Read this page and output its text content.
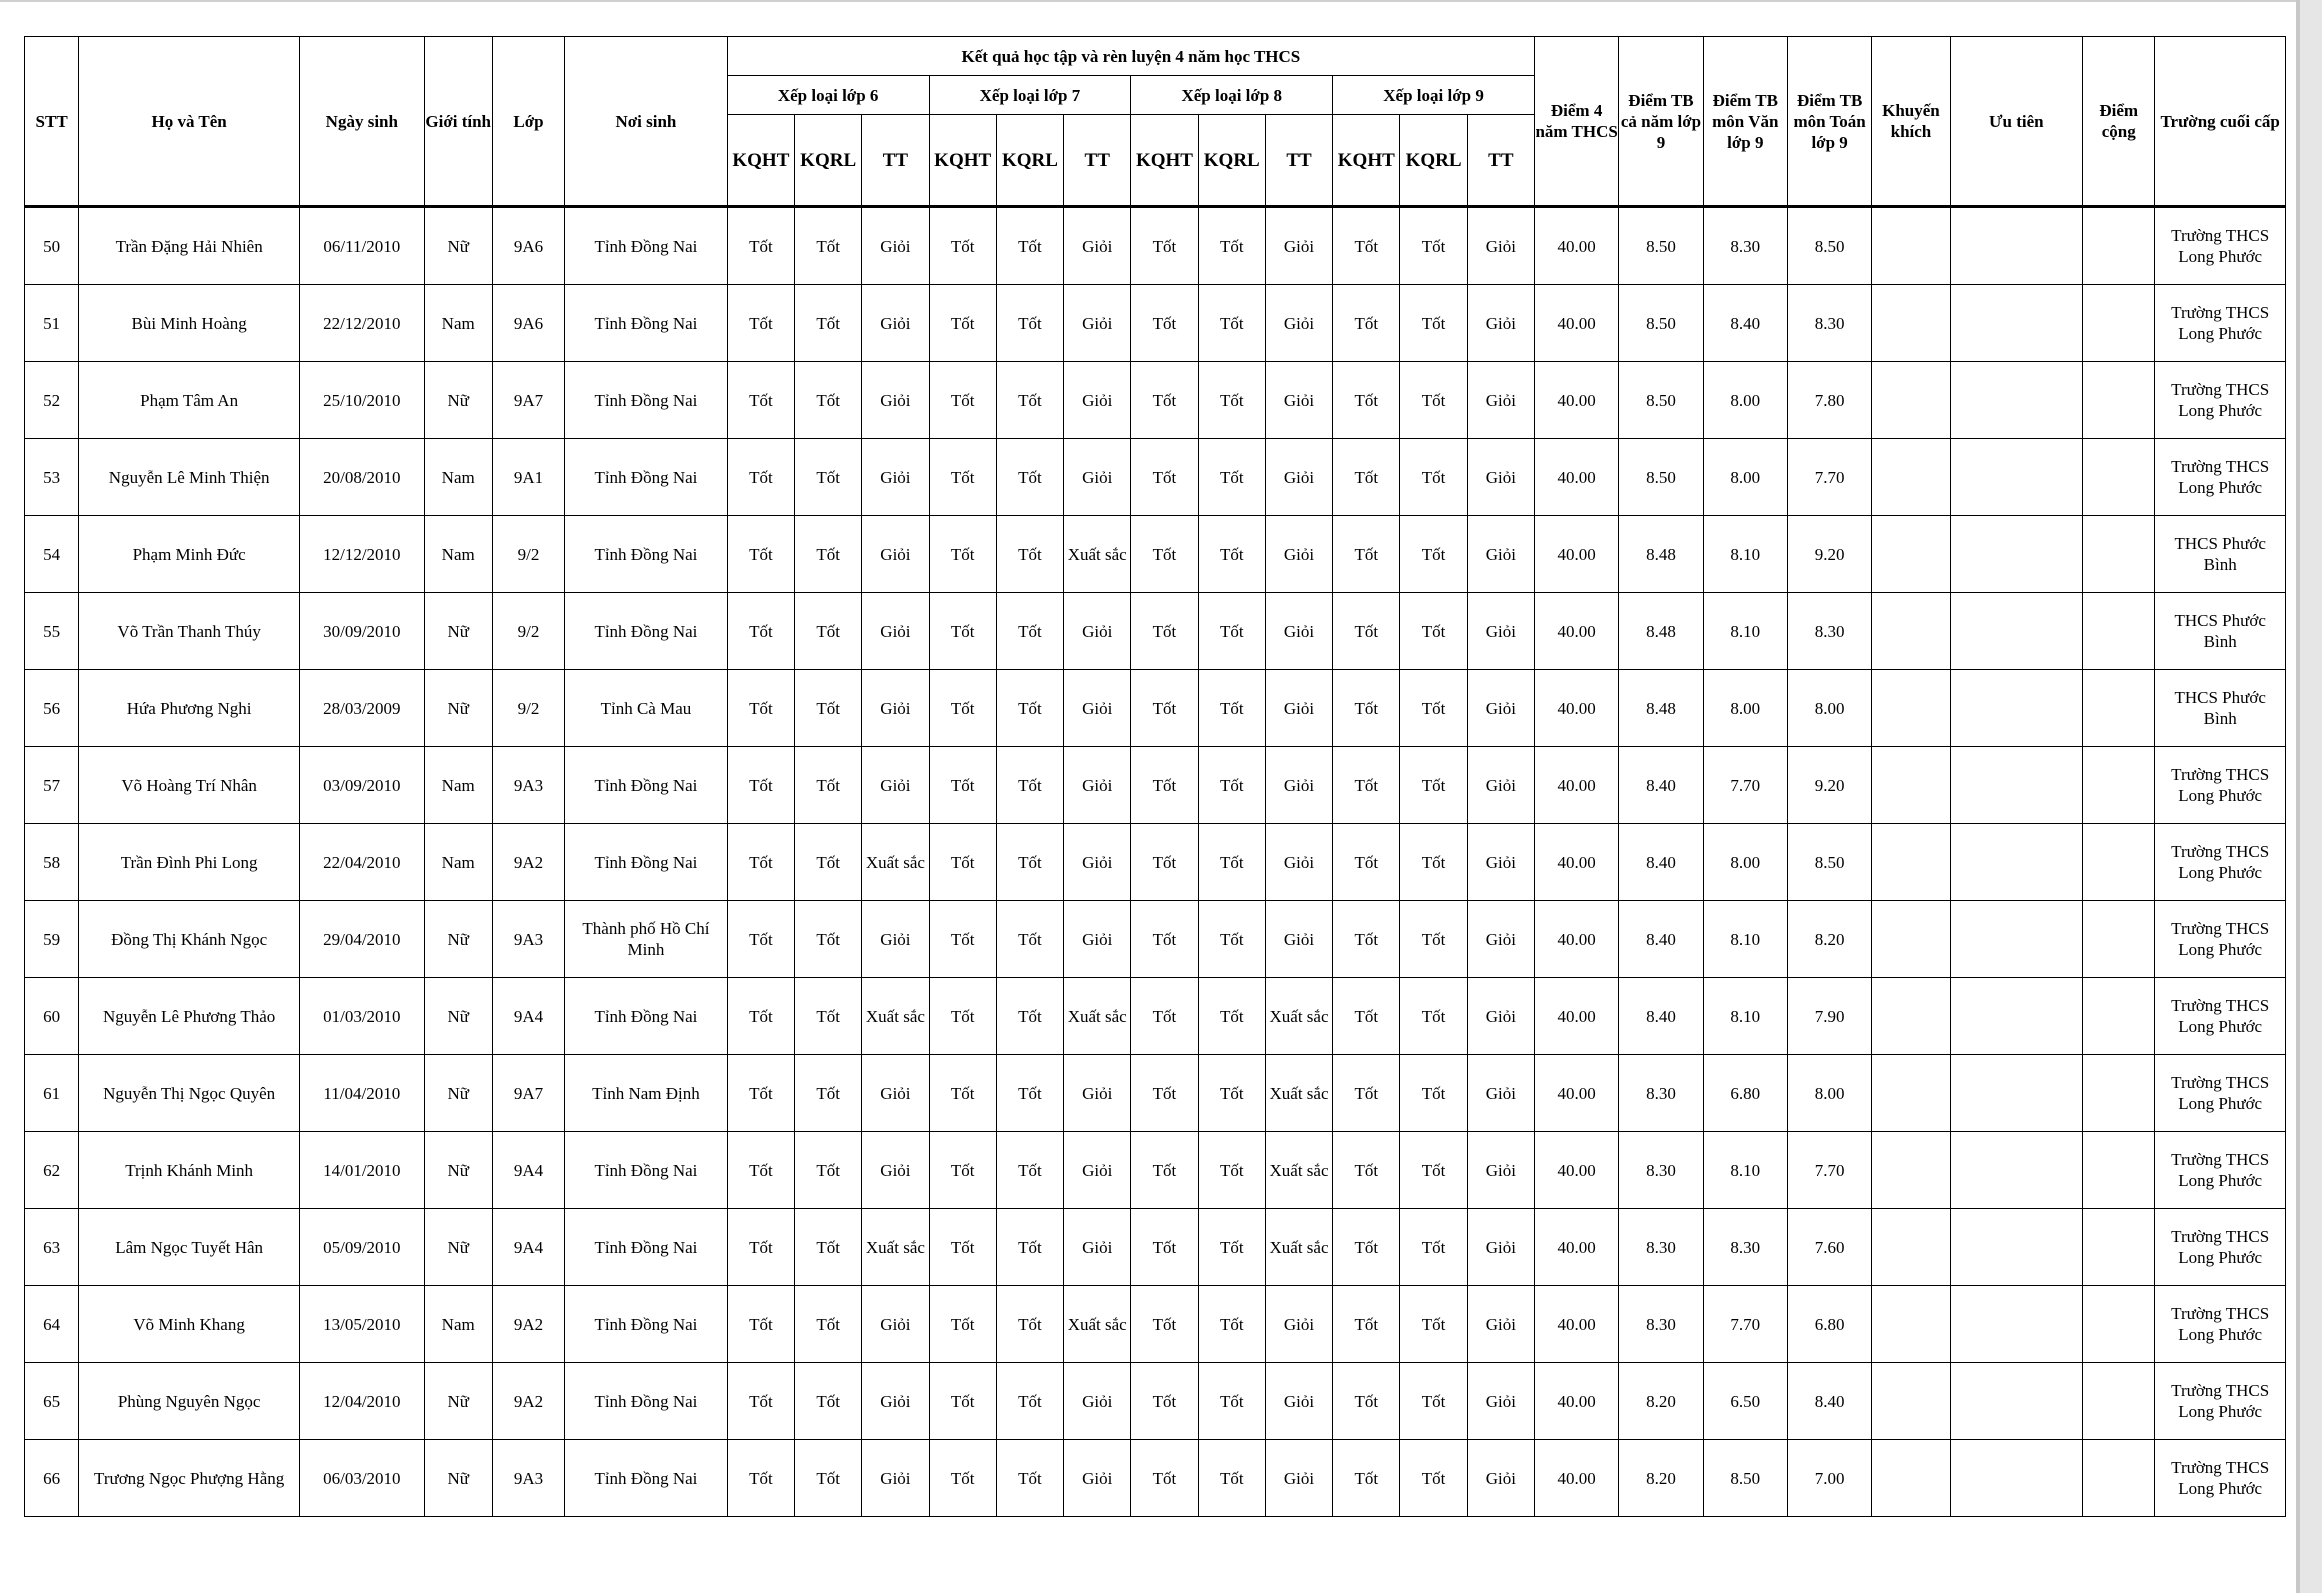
STT	Họ và Tên	Ngày sinh	Giới tính	Lớp	Nơi sinh	Kết quả học tập và rèn luyện 4 năm học THCS												Điểm 4 năm THCS	Điểm TB cả năm lớp 9	Điểm TB môn Văn lớp 9	Điểm TB môn Toán lớp 9	Khuyến khích	Ưu tiên	Điểm cộng	Trường cuối cấp
						Xếp loại lớp 6			Xếp loại lớp 7			Xếp loại lớp 8			Xếp loại lớp 9										
						KQHT	KQRL	TT	KQHT	KQRL	TT	KQHT	KQRL	TT	KQHT	KQRL	TT								
50	Trần Đặng Hải Nhiên	06/11/2010	Nữ	9A6	Tỉnh Đồng Nai	Tốt	Tốt	Giỏi	Tốt	Tốt	Giỏi	Tốt	Tốt	Giỏi	Tốt	Tốt	Giỏi	40.00	8.50	8.30	8.50				Trường THCS
Long Phước

51	Bùi Minh Hoàng	22/12/2010	Nam	9A6	Tỉnh Đồng Nai	Tốt	Tốt	Giỏi	Tốt	Tốt	Giỏi	Tốt	Tốt	Giỏi	Tốt	Tốt	Giỏi	40.00	8.50	8.40	8.30				Trường THCS
Long Phước

52	Phạm Tâm An	25/10/2010	Nữ	9A7	Tỉnh Đồng Nai	Tốt	Tốt	Giỏi	Tốt	Tốt	Giỏi	Tốt	Tốt	Giỏi	Tốt	Tốt	Giỏi	40.00	8.50	8.00	7.80				Trường THCS
Long Phước

53	Nguyễn Lê Minh Thiện	20/08/2010	Nam	9A1	Tỉnh Đồng Nai	Tốt	Tốt	Giỏi	Tốt	Tốt	Giỏi	Tốt	Tốt	Giỏi	Tốt	Tốt	Giỏi	40.00	8.50	8.00	7.70				Trường THCS
Long Phước

54	Phạm Minh Đức	12/12/2010	Nam	9/2	Tỉnh Đồng Nai	Tốt	Tốt	Giỏi	Tốt	Tốt	Xuất sắc	Tốt	Tốt	Giỏi	Tốt	Tốt	Giỏi	40.00	8.48	8.10	9.20				THCS Phước
Bình

55	Võ Trần Thanh Thúy	30/09/2010	Nữ	9/2	Tỉnh Đồng Nai	Tốt	Tốt	Giỏi	Tốt	Tốt	Giỏi	Tốt	Tốt	Giỏi	Tốt	Tốt	Giỏi	40.00	8.48	8.10	8.30				THCS Phước
Bình

56	Hứa Phương Nghi	28/03/2009	Nữ	9/2	Tỉnh Cà Mau	Tốt	Tốt	Giỏi	Tốt	Tốt	Giỏi	Tốt	Tốt	Giỏi	Tốt	Tốt	Giỏi	40.00	8.48	8.00	8.00				THCS Phước
Bình

57	Võ Hoàng Trí Nhân	03/09/2010	Nam	9A3	Tỉnh Đồng Nai	Tốt	Tốt	Giỏi	Tốt	Tốt	Giỏi	Tốt	Tốt	Giỏi	Tốt	Tốt	Giỏi	40.00	8.40	7.70	9.20				Trường THCS
Long Phước

58	Trần Đình Phi Long	22/04/2010	Nam	9A2	Tỉnh Đồng Nai	Tốt	Tốt	Xuất sắc	Tốt	Tốt	Giỏi	Tốt	Tốt	Giỏi	Tốt	Tốt	Giỏi	40.00	8.40	8.00	8.50				Trường THCS
Long Phước

59	Đồng Thị Khánh Ngọc	29/04/2010	Nữ	9A3	Thành phố Hồ Chí Minh	Tốt	Tốt	Giỏi	Tốt	Tốt	Giỏi	Tốt	Tốt	Giỏi	Tốt	Tốt	Giỏi	40.00	8.40	8.10	8.20				Trường THCS
Long Phước

60	Nguyễn Lê Phương Thảo	01/03/2010	Nữ	9A4	Tỉnh Đồng Nai	Tốt	Tốt	Xuất sắc	Tốt	Tốt	Xuất sắc	Tốt	Tốt	Xuất sắc	Tốt	Tốt	Giỏi	40.00	8.40	8.10	7.90				Trường THCS
Long Phước

61	Nguyễn Thị Ngọc Quyên	11/04/2010	Nữ	9A7	Tỉnh Nam Định	Tốt	Tốt	Giỏi	Tốt	Tốt	Giỏi	Tốt	Tốt	Xuất sắc	Tốt	Tốt	Giỏi	40.00	8.30	6.80	8.00				Trường THCS
Long Phước

62	Trịnh Khánh Minh	14/01/2010	Nữ	9A4	Tỉnh Đồng Nai	Tốt	Tốt	Giỏi	Tốt	Tốt	Giỏi	Tốt	Tốt	Xuất sắc	Tốt	Tốt	Giỏi	40.00	8.30	8.10	7.70				Trường THCS
Long Phước

63	Lâm Ngọc Tuyết Hân	05/09/2010	Nữ	9A4	Tỉnh Đồng Nai	Tốt	Tốt	Xuất sắc	Tốt	Tốt	Giỏi	Tốt	Tốt	Xuất sắc	Tốt	Tốt	Giỏi	40.00	8.30	8.30	7.60				Trường THCS
Long Phước

64	Võ Minh Khang	13/05/2010	Nam	9A2	Tỉnh Đồng Nai	Tốt	Tốt	Giỏi	Tốt	Tốt	Xuất sắc	Tốt	Tốt	Giỏi	Tốt	Tốt	Giỏi	40.00	8.30	7.70	6.80				Trường THCS
Long Phước

65	Phùng Nguyên Ngọc	12/04/2010	Nữ	9A2	Tỉnh Đồng Nai	Tốt	Tốt	Giỏi	Tốt	Tốt	Giỏi	Tốt	Tốt	Giỏi	Tốt	Tốt	Giỏi	40.00	8.20	6.50	8.40				Trường THCS
Long Phước

66	Trương Ngọc Phượng Hằng	06/03/2010	Nữ	9A3	Tỉnh Đồng Nai	Tốt	Tốt	Giỏi	Tốt	Tốt	Giỏi	Tốt	Tốt	Giỏi	Tốt	Tốt	Giỏi	40.00	8.20	8.50	7.00				Trường THCS
Long Phước
